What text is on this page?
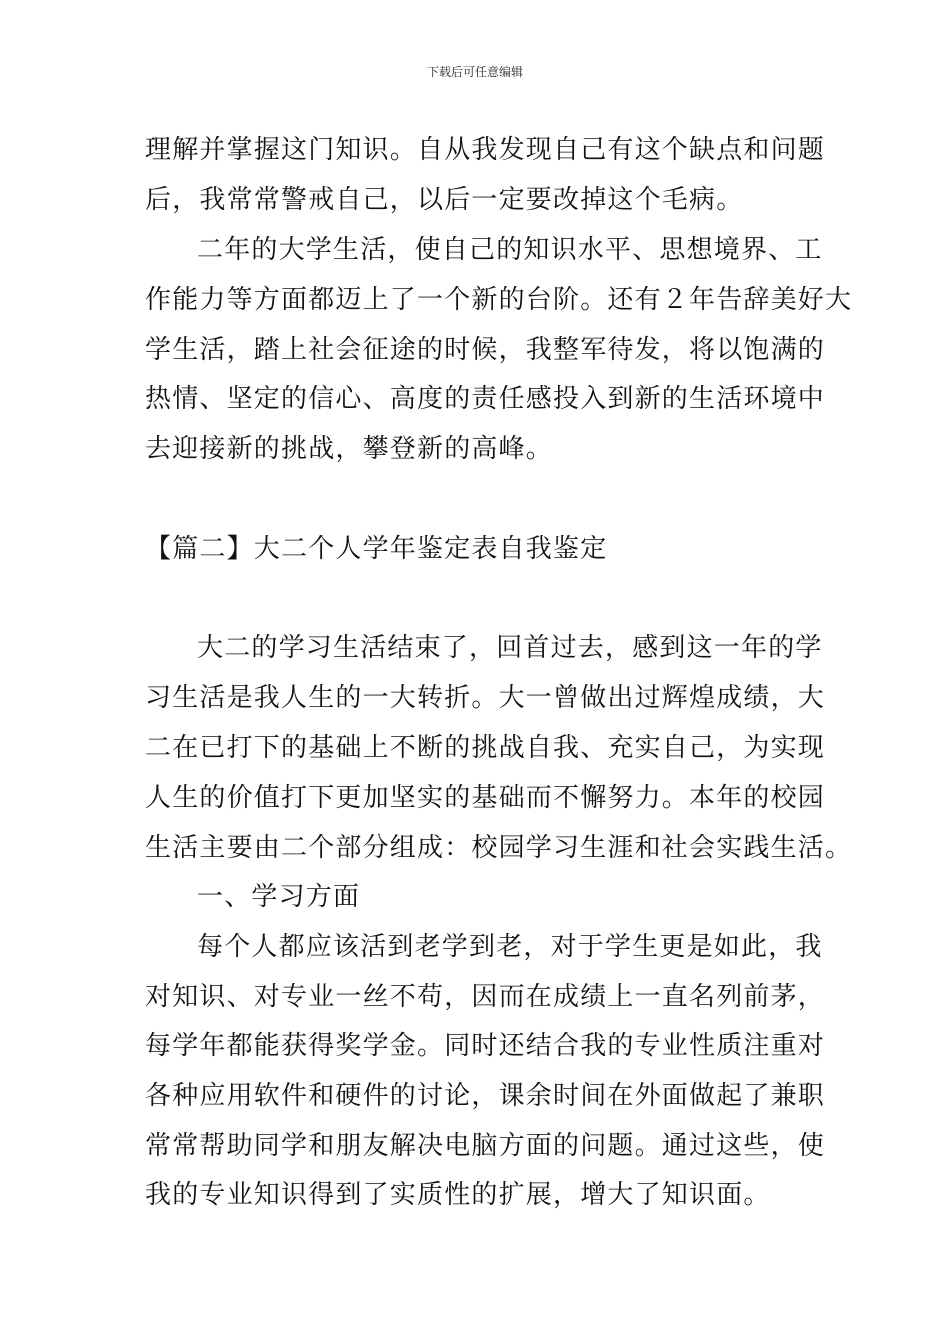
下载后可任意编辑
理解并掌握这门知识。自从我发现自己有这个缺点和问题
后，我常常警戒自己，以后一定要改掉这个毛病。
二年的大学生活，使自己的知识水平、思想境界、工
作能力等方面都迈上了一个新的台阶。还有２年告辞美好大
学生活，踏上社会征途的时候，我整军待发，将以饱满的
热情、坚定的信心、高度的责任感投入到新的生活环境中
去迎接新的挑战，攀登新的高峰。
【篇二】大二个人学年鉴定表自我鉴定
大二的学习生活结束了，回首过去，感到这一年的学
习生活是我人生的一大转折。大一曾做出过辉煌成绩，大
二在已打下的基础上不断的挑战自我、充实自己，为实现
人生的价值打下更加坚实的基础而不懈努力。本年的校园
生活主要由二个部分组成：校园学习生涯和社会实践生活。
一、学习方面
每个人都应该活到老学到老，对于学生更是如此，我
对知识、对专业一丝不苟，因而在成绩上一直名列前茅，
每学年都能获得奖学金。同时还结合我的专业性质注重对
各种应用软件和硬件的讨论，课余时间在外面做起了兼职
常常帮助同学和朋友解决电脑方面的问题。通过这些，使
我的专业知识得到了实质性的扩展，增大了知识面。
